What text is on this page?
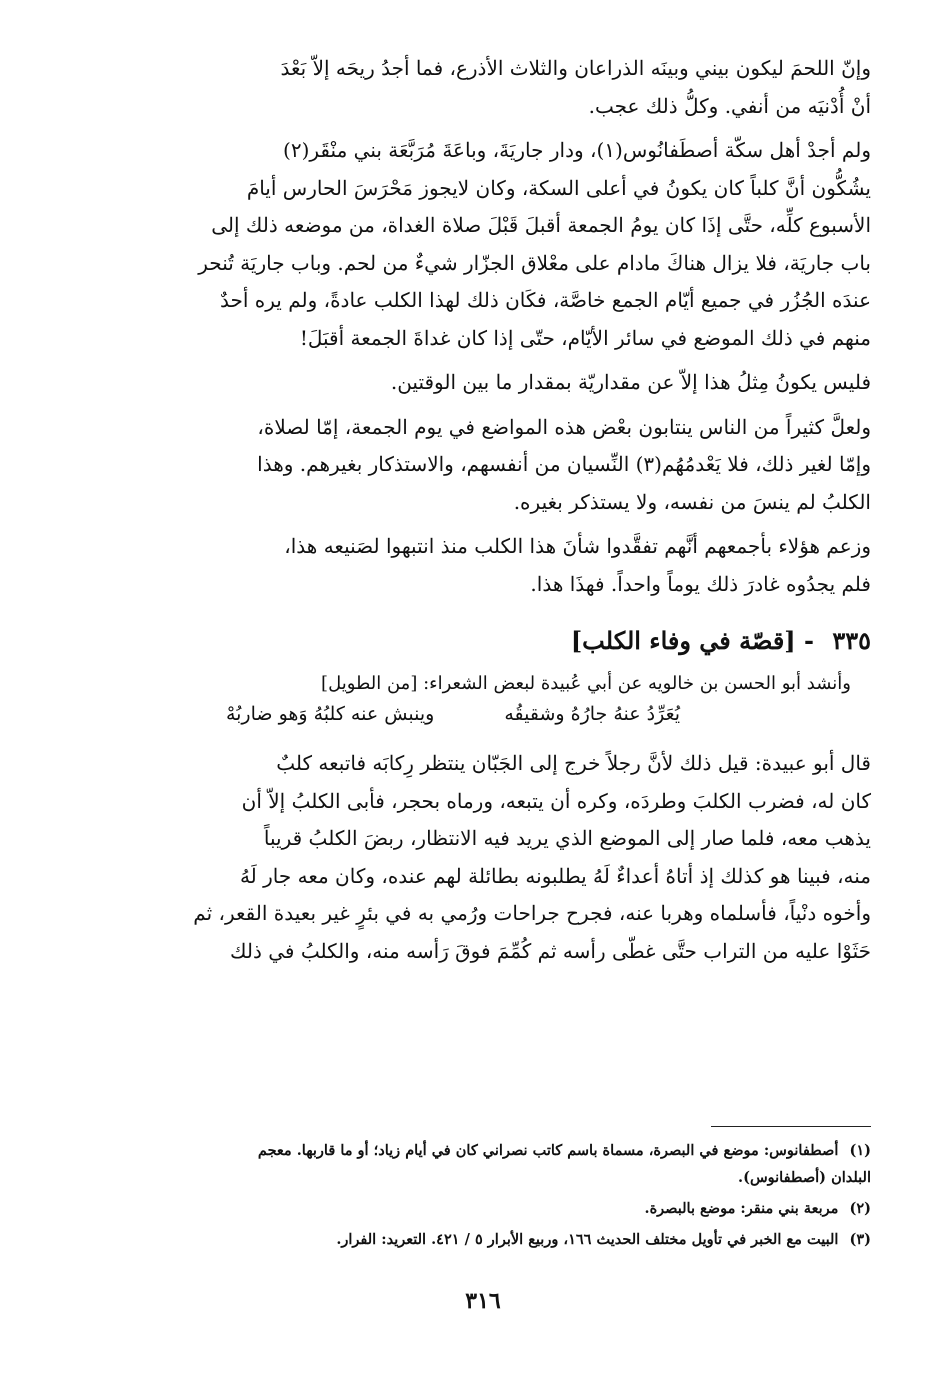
وإنّ اللحمَ ليكون بيني وبينَه الذراعان والثلاث الأذرع، فما أجدُ ريحَه إلاّ بَعْدَ
أنْ أُدْنيَه من أنفي. وكلُّ ذلك عجب.
ولم أجدْ أهل سكّة أصطَفانُوس(١)، ودار جاريَةَ، وباعَةَ مُرَبَّعَة بني منْقَر(٢)
يشُكُّون أنَّ كلباً كان يكونُ في أعلى السكة، وكان لايجوز مَحْرَسَ الحارس أيامَ
الأسبوع كلِّه، حتَّى إذَا كان يومُ الجمعة أقبلَ قَبْلَ صلاة الغداة، من موضعه ذلك إلى
باب جاريَة، فلا يزال هناكَ مادام على معْلاق الجزّار شيءٌ من لحم. وباب جاريَة تُنحر
عندَه الجُزُر في جميع أيّام الجمع خاصَّة، فكَان ذلك لهذا الكلب عادةً، ولم يره أحدٌ
منهم في ذلك الموضع في سائر الأيّام، حتّى إذا كان غداةَ الجمعة أقبَلَ!
فليس يكونُ مِثلُ هذا إلاّ عن مقداريّة بمقدار ما بين الوقتين.
ولعلَّ كثيراً من الناس ينتابون بعْض هذه المواضع في يوم الجمعة، إمّا لصلاة،
وإمّا لغير ذلك، فلا يَعْدمُهُم(٣) النِّسيان من أنفسهم، والاستذكار بغيرهم. وهذا
الكلبُ لم ينسَ من نفسه، ولا يستذكر بغيره.
وزعم هؤلاء بأجمعهم أنَّهم تفقَّدوا شأنَ هذا الكلب منذ انتبهوا لصَنيعه هذا،
فلم يجدُوه غادرَ ذلك يوماً واحداً. فهذَا هذا.
٣٣٥ - [قصّة في وفاء الكلب]
وأنشد أبو الحسن بن خالويه عن أبي عُبيدة لبعض الشعراء: [من الطويل]
يُعَرِّدُ عنهُ جارُهُ وشقيقُه
وينبش عنه كلبُهُ وَهو ضاربُهْ
قال أبو عبيدة: قيل ذلك لأنَّ رجلاً خرج إلى الجَبّان ينتظر رِكابَه فاتبعه كلبٌ
كان له، فضرب الكلبَ وطردَه، وكره أن يتبعه، ورماه بحجر، فأبى الكلبُ إلاّ أن
يذهب معه، فلما صار إلى الموضع الذي يريد فيه الانتظار، ربضَ الكلبُ قريباً
منه، فبينا هو كذلك إذ أتاهُ أعداءٌ لَهُ يطلبونه بطائلة لهم عنده، وكان معه جار لَهُ
وأخوه دنْياً، فأسلماه وهربا عنه، فجرح جراحات ورُمي به في بئرٍ غير بعيدة القعر، ثم
حَثَوْا عليه من التراب حتَّى غطّى رأسه ثم كُمِّمَ فوقَ رَأسه منه، والكلبُ في ذلك
(١) أصطفانوس: موضع في البصرة، مسماة باسم كاتب نصراني كان في أيام زياد؛ أو ما قاربها. معجم
البلدان (أصطفانوس).
(٢) مربعة بني منقر: موضع بالبصرة.
(٣) البيت مع الخبر في تأويل مختلف الحديث ١٦٦، وربيع الأبرار ٥ / ٤٢١. التعريد: الفرار.
٣١٦
